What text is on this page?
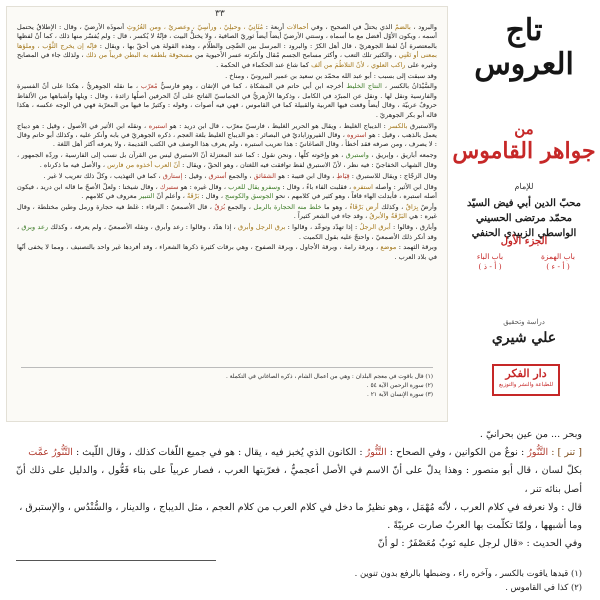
٣٣

والبرود ، بالضمّ الذي يحتلُّ في الصحيح ، وفي أحمالات أربعة : مُثَانِيّ ، وحبلِيّ ، ورأسِيّ ، وعصريّ ، ومن العُرُوثِ أنموذَه الأرضيّ ، وقال : الإطلاقُ يحتمل أسمه ، ويكون الأوّل أفضل مع ما أسماه ، وسنتي الأرضيّ أيضاً أيضاً ثوريّ الصافية ، ولا يختلُّ البيت ، فإنّهُ لا يُكسر ، قال : ولم يُفسّر منها ذلك ، كما أنّ لفظها بالمعتصرة أنّ لفظ الجوهريّ ، قال أهل الكرّ : والبرود : المرسل بين الضّحِى والظلّام ، وهذه القولة هي أحقّ بها ، ويقال : فإنّه إن يخرج الثَّوْب ، وملؤها بمعنى أو تَعْنِي ، والكثير تلك التعب ، وأكثر مسامح الجسم مُقال وأنكرته عسر الأحيوية من مسحوقة بلطفه به البطن فريباً من ذلك ، ولذلك جاء في المصابح وغيره على راكب العلوي ، لأنّ التلاطُمَ من ألف كما شاع عند الحكماء في الحكمة .

وقد سبقت إلى بسبب : أبو عبد الله محمّد بن سعيد بن عمير البيرونيّ ، ومناخ .

والسَّيْدَانُ بالكسر ، النتاج الخليط أخرجه ابن أبي حاتم في المشكاة ، كما في الإتقان ، وهو فارسيٌّ مُعرّب ، ما نقله الجوهريُّ ، هكذا على أنّ الفسيرة والفارسية ونقل لها . ونقل عن المبرّد في الكامل ، وذكرها الأزهريُّ في الخماسيّ الفاتح على أنّ الحرفين أصلُها زائدة ، وقال : ويلها وأشباهها من الألفاظ حروفٌ عربيّة ، وقال أيضاً وقعت فيها العربية والقبيلة كما في القاموس ، فهي فيه أصوات ، وقوله : وكثيرٌ ما فيها من المعرّبة فهي في الوجه عكسه ، هكذا قاله أبو بكر الجوهريّ .

والاستبرق بالكسر : الديباج الغليظ ، ويقال هو الحرير الغليظ ، فارسيّ معرّب ، قال ابن دريد : هو استبره ، ونقله ابن الأثير في الأصول ، وقيل : هو ديباج يعمل بالذهب ، وقيل : هو استروه ، وقال الفيروزاباديّ في البصائر : هو الديباج الغليظ بلغة العجم ، ذكره الجوهريّ في بابه وأنكر عليه ، وكذلك أبو حاتم وقال : لا يصرف ، ومن صرفه فقد أخطأ ، وقال الصاغانيّ : هذا تعريب استبره ، ولم يعرف هذا الوصف في الكتب القديمة ، ولا يعرفه أكثر أهل اللغة .

وجمعه أباريق ، وإبريق ، واستبرق ، هو وإخوته كلّها ، ونحن نقول : كما عند المعتزلة أنّ الاستبرق ليس من القرآن بل نسب إلى الفارسية ، وردّه الجمهور ، وقال الشهاب الخفاجيّ : فيه نظر ، لأنّ الاستبرق لفظ توافقت فيه اللغتان ، وهو الحقّ ، ويقال : أنّ العرب أخذوه من فارس ، والأصل فيه ما ذكرناه .

وقال الزجّاج : ويقال للاستبرق : قِيَاطِ ، وقال ابن قتيبة : هو الشقائق ، والجمع أسترق ، وقيل : إستارق ، كما في التهذيب ، وكلّ ذلك تعريب لا غير .

وقال ابن الأثير : وأصله استفره ، فقلبت الفاء باءً ، وقال : وسفرو يقال للعرب ، وقال غيره : هو ستبرك ، وقال شيخنا : ولعلّ الأصحّ ما قاله ابن دريد ، فيكون أصله استبره ، فأبدلت الهاء قافاً ، وهو كثير في كلامهم ، نحو الجوسق والكوسج ، وقال : بَرْقَةٌ ، وأعلم أنّ التنبير معروف في كلامهم .

وأرضٌ بِرَاقٌ ، وكذلك أرض بَرْقَاءُ ، وهو ما خلط منه الحجارة بالرمل ، والجمع بُرَقٌ ، قال الأصمعيّ : البرقاء : غلظ فيه حجارة ورمل وطين مختلطة ، وقال غيره : هي البَرْقَةُ والأبرقُ ، وقد جاء في الشعر كثيراً .

وأبارق ، وقالوا : أبرق الرجلُ : إذا تهدّد وتوعّد ، وقالوا : برق الرجل وأبرق ، إذا هدّد ، وقالوا : رعد وأبرق ، ونقله الأصمعيّ ، ولم يعرفه ، وكذلك رعد وبرق ، وقد أنكر ذلك الأصمعيّ ، واحتجّ عليه بقول الكميت .

وبرقة الثهمد : موضع ، وبرقة رامة ، وبرقة الأجاول ، وبرقة الصفوح ، وهي برقات كثيرة ذكرها الشعراء ، وقد أفردها غير واحد بالتصنيف ، ومما لا يخفى أنّها في بلاد العرب .

(١) قال باقوت في معجم البلدان : وهي من أعمال الشام ، ذكره الصاغاني في التكملة .
(٢) سورة الرحمن الآية ٥٤ .
(٣) سورة الإنسان الآية ٢١ .
تاج العروس
من
جواهر القاموس
للإمام
محبّ الدين أبي فيض السيّد محمّد مرتضى الحسيني الواسطي الزبيدي الحنفي
الجزء الأول
باب الهمزة
( أ - ء )
باب الباء
( أ - ذ )
دراسة وتحقيق
علي شيري
دار الفكر
للطباعة والنشر والتوزيع

وبحر ... من عين بحرانيّ .

[ تنر ] : التَّنُّورُ : نوعٌ من الكوانين ، وفي الصحاح : التَّنُّورُ : الكانون الذي يُخبز فيه ، يقال : هو في جميع اللّغات كذلك ، وقال اللّيث : التَّنُّورُ عمَّت

بكلّ لسان ، قال أبو منصور : وهذا يدلّ على أنّ الاسم في الأصل أعجميٌّ ، فعرّبتها العرب ، فصار عربياً على بناء فَعُّول ، والدليل على ذلك أنّ أصل بنائه تنر ،

قال : ولا نعرفه في كلام العرب ، لأنّه مُهْمَل ، وهو نظيرُ ما دخل في كلام العرب من كلام العجم ، مثل الديباج ، والدينار ، والسُّنْدُس ، والإستبرق ،

وما أشبهها ، ولمّا تكلّمت بها العربُ صارت عربيّةً .

وفي الحديث : «قال لرجل عليه ثوبٌ مُعَصْفَرٌ : لو أنّ

(١) قيدها ياقوت بالكسر ، وآخره راء ، وضبطها بالرفع بدون تنوين .
(٢) كذا في القاموس .
